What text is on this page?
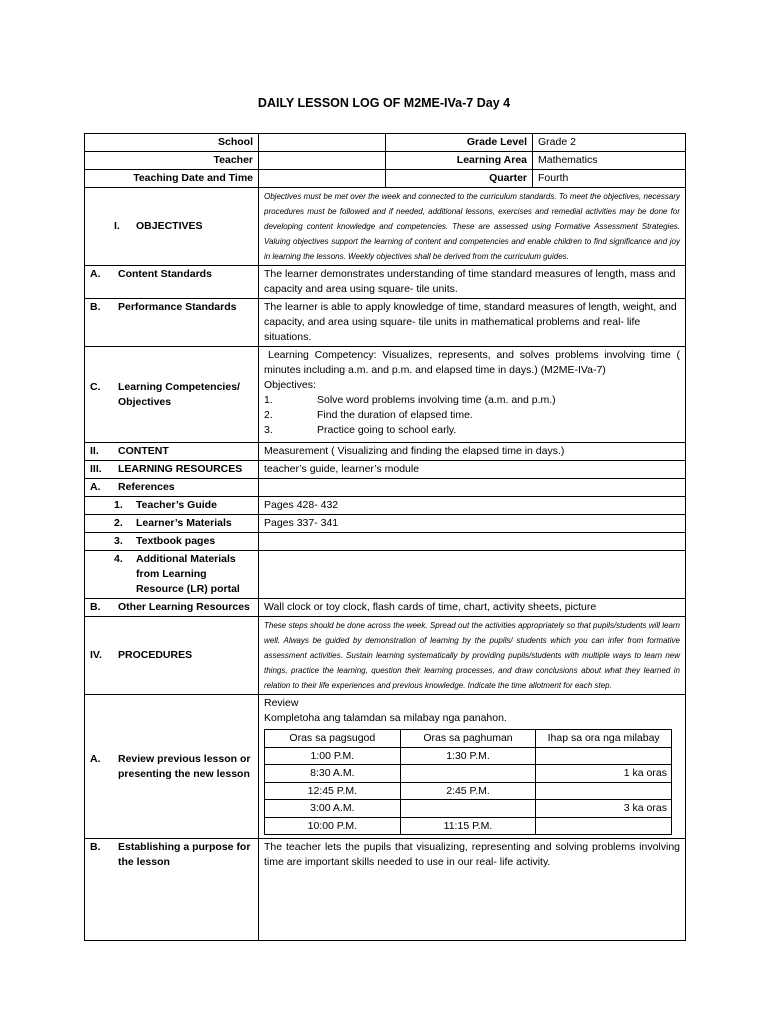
DAILY LESSON LOG OF M2ME-IVa-7 Day 4
School		Grade Level	Grade 2
Teacher		Learning Area	Mathematics
Teaching Date and Time		Quarter	Fourth

I.	OBJECTIVES
	Objectives must be met over the week and connected to the curriculum standards. To meet the objectives, necessary procedures must be followed and if needed, additional lessons, exercises and remedial activities may be done for developing content knowledge and competencies. These are assessed using Formative Assessment Strategies. Valuing objectives support the learning of content and competencies and enable children to find significance and joy in learning the lessons. Weekly objectives shall be derived from the curriculum guides.

A.	Content Standards	The learner demonstrates understanding of time standard measures of length, mass and capacity and area using square- tile units.

B.	Performance Standards	The learner is able to apply knowledge of time, standard measures of length, weight, and capacity, and area using square- tile units in mathematical problems and real- life situations.

C.	Learning Competencies/
Objectives

Learning Competency: Visualizes, represents, and solves problems involving time ( minutes including a.m. and p.m. and elapsed time in days.) (M2ME-IVa-7)
Objectives:
1.	Solve word problems involving time (a.m. and p.m.)
2.	Find the duration of elapsed time.
3.	Practice going to school early.

II.	CONTENT	Measurement ( Visualizing and finding the elapsed time in days.)

III.	LEARNING RESOURCES	teacher’s guide, learner’s module

A.	References

1.	Teacher’s Guide	Pages 428- 432

2.	Learner’s Materials	Pages 337- 341

3.	Textbook pages

4.	Additional Materials
from Learning
Resource (LR) portal

B.	Other Learning Resources	Wall clock or toy clock, flash cards of time, chart, activity sheets, picture

IV.	PROCEDURES
	These steps should be done across the week. Spread out the activities appropriately so that pupils/students will learn well. Always be guided by demonstration of learning by the pupils/ students which you can infer from formative assessment activities. Sustain learning systematically by providing pupils/students with multiple ways to learn new things, practice the learning, question their learning processes, and draw conclusions about what they learned in relation to their life experiences and previous knowledge. Indicate the time allotment for each step.

A.	Review previous lesson or
presenting the new lesson

Review
Kompletoha ang talamdan sa milabay nga panahon.
Oras sa pagsugod	Oras sa paghuman	Ihap sa ora nga milabay
1:00 P.M.	1:30 P.M.	
8:30 A.M.		1 ka oras
12:45 P.M.	2:45 P.M.	
3:00 A.M.		3 ka oras
10:00 P.M.	11:15 P.M.	

B.	Establishing a purpose for
the lesson
	The teacher lets the pupils that visualizing, representing and solving problems involving time are important skills needed to use in our real- life activity.
